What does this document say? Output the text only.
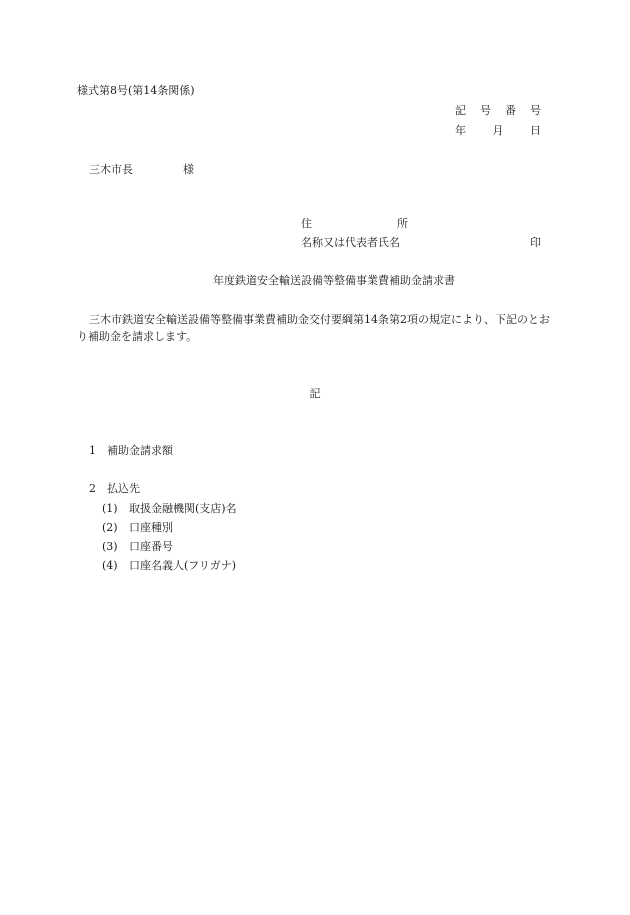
様式第8号(第14条関係)
記 号 番 号
年 月 日
三木市長	様
住	所
名称又は代表者氏名	印
年度鉄道安全輸送設備等整備事業費補助金請求書

三木市鉄道安全輸送設備等整備事業費補助金交付要綱第14条第2項の規定により、下記のとおり補助金を請求します。

記
1	補助金請求額
2	払込先
(1)	取扱金融機関(支店)名
(2)	口座種別
(3)	口座番号
(4)	口座名義人(フリガナ)
